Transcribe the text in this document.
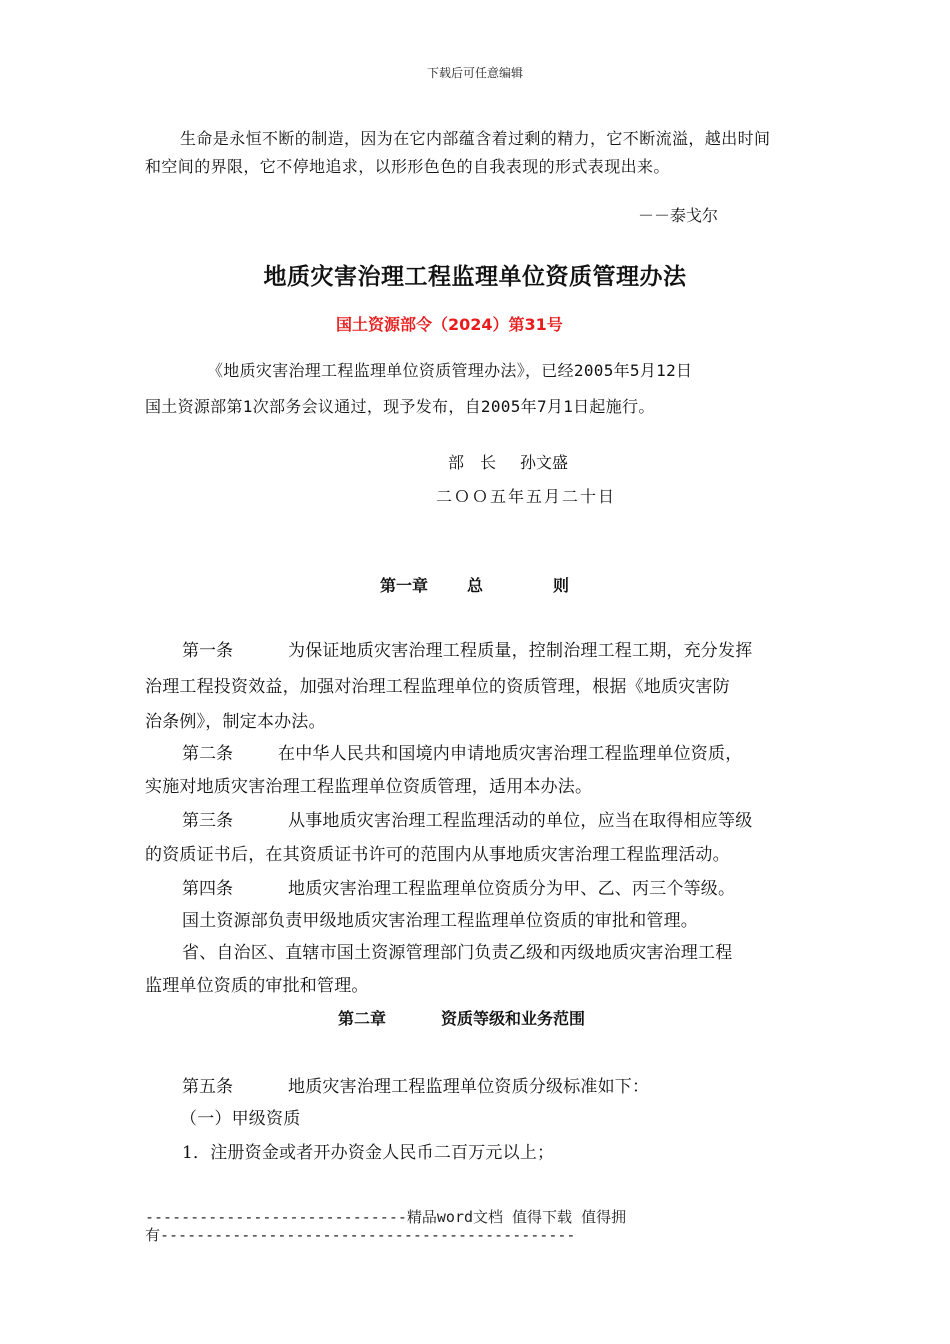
下载后可任意编辑
生命是永恒不断的制造，因为在它内部蕴含着过剩的精力，它不断流溢，越出时间
和空间的界限，它不停地追求，以形形色色的自我表现的形式表现出来。
－－泰戈尔
地质灾害治理工程监理单位资质管理办法
国土资源部令（2024）第31号
《地质灾害治理工程监理单位资质管理办法》，已经2005年5月12日
国土资源部第1次部务会议通过，现予发布，自2005年7月1日起施行。
部　长 孙文盛
二ＯＯ五年五月二十日
第一章 总	则
第一条	为保证地质灾害治理工程质量，控制治理工程工期，充分发挥
治理工程投资效益，加强对治理工程监理单位的资质管理，根据《地质灾害防
治条例》，制定本办法。
第二条	在中华人民共和国境内申请地质灾害治理工程监理单位资质，
实施对地质灾害治理工程监理单位资质管理，适用本办法。
第三条	从事地质灾害治理工程监理活动的单位，应当在取得相应等级
的资质证书后，在其资质证书许可的范围内从事地质灾害治理工程监理活动。
第四条	地质灾害治理工程监理单位资质分为甲、乙、丙三个等级。
国土资源部负责甲级地质灾害治理工程监理单位资质的审批和管理。
省、自治区、直辖市国土资源管理部门负责乙级和丙级地质灾害治理工程
监理单位资质的审批和管理。
第二章	资质等级和业务范围
第五条	地质灾害治理工程监理单位资质分级标准如下：
（一）甲级资质
1．注册资金或者开办资金人民币二百万元以上；
-----------------------------精品word文档 值得下载 值得拥
有----------------------------------------------
